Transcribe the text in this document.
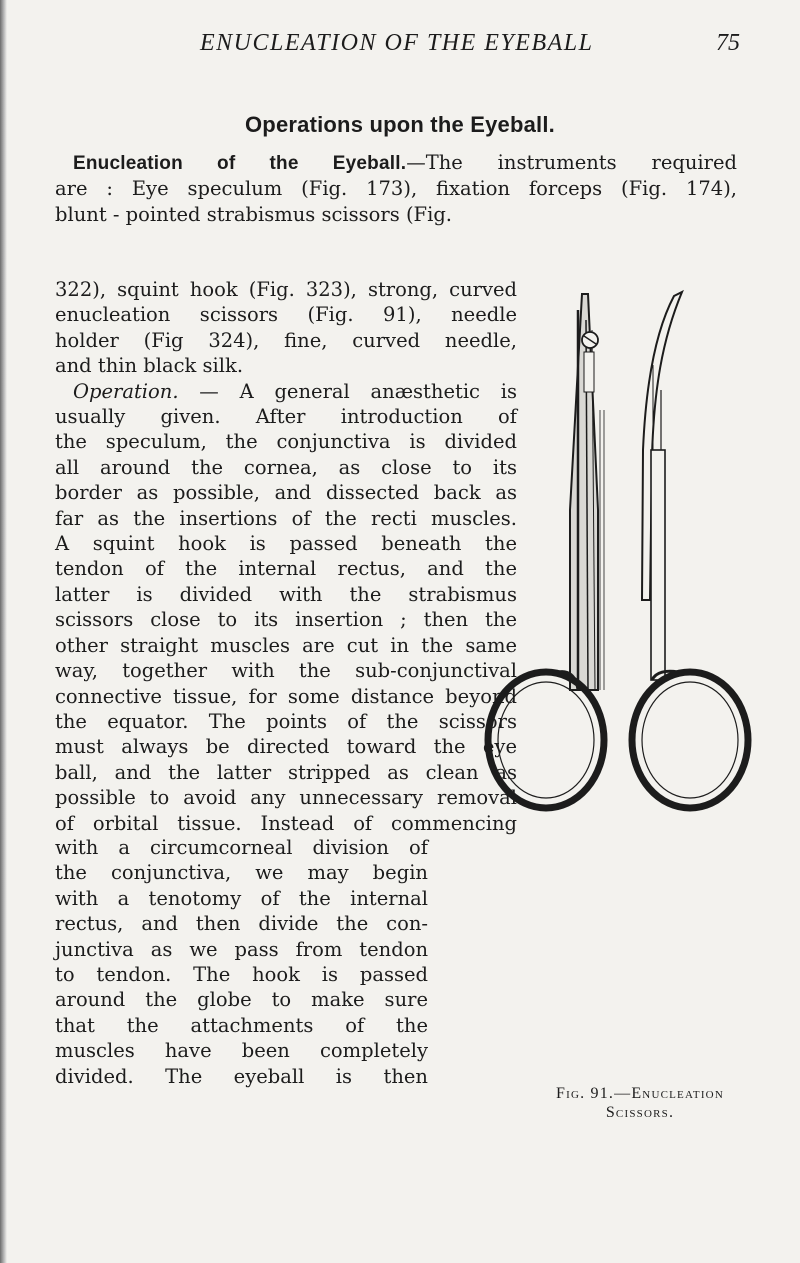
ENUCLEATION OF THE EYEBALL	75
Operations upon the Eyeball.

Enucleation of the Eyeball.—The instruments required

are : Eye speculum (Fig. 173), fixation forceps (Fig. 174),

blunt - pointed strabismus scissors (Fig.

322), squint hook (Fig. 323), strong, curved

enucleation scissors (Fig. 91), needle

holder (Fig 324), fine, curved needle,

and thin black silk.

Operation. — A general anæsthetic is

usually given. After introduction of

the speculum, the conjunctiva is divided

all around the cornea, as close to its

border as possible, and dissected back as

far as the insertions of the recti muscles.

A squint hook is passed beneath the

tendon of the internal rectus, and the

latter is divided with the strabismus

scissors close to its insertion ; then the

other straight muscles are cut in the same

way, together with the sub-conjunctival

connective tissue, for some distance beyond

the equator. The points of the scissors

must always be directed toward the eye

ball, and the latter stripped as clean as

possible to avoid any unnecessary removal

of orbital tissue. Instead of commencing

with a circumcorneal division of

the conjunctiva, we may begin

with a tenotomy of the internal

rectus, and then divide the con-

junctiva as we pass from tendon

to tendon. The hook is passed

around the globe to make sure

that the attachments of the

muscles have been completely

divided. The eyeball is then

Fig. 91.—Enucleation
Scissors.
